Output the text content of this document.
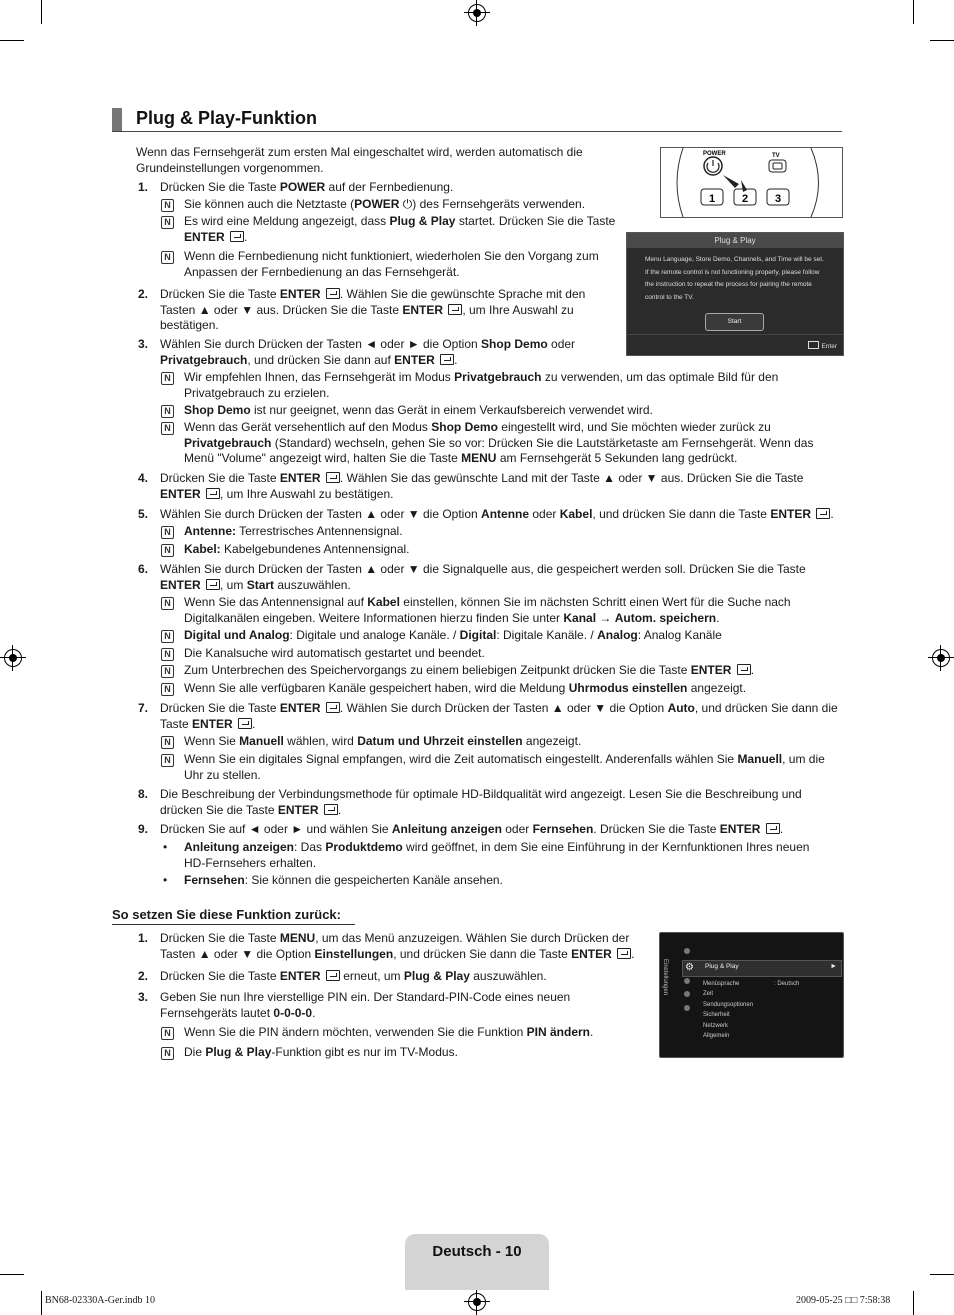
Plug & Play-Funktion
POWER	TV
1 2 3
Plug & Play
Menu Language, Store Demo, Channels, and Time will be set. If the remote control is not functioning properly, please follow the instruction to repeat the process for pairing the remote control to the TV.
Start
Enter
Einstellungen ⚙ Plug & Play	►
Menüsprache	: Deutsch
Zeit
Sendungsoptionen
Sicherheit
Netzwerk
Allgemein
Wenn das Fernsehgerät zum ersten Mal eingeschaltet wird, werden automatisch die Grundeinstellungen vorgenommen.
1. Drücken Sie die Taste POWER auf der Fernbedienung.
N Sie können auch die Netztaste (POWER ⏻) des Fernsehgeräts verwenden.
N Es wird eine Meldung angezeigt, dass Plug & Play startet. Drücken Sie die Taste ENTER .
N Wenn die Fernbedienung nicht funktioniert, wiederholen Sie den Vorgang zum Anpassen der Fernbedienung an das Fernsehgerät.
2. Drücken Sie die Taste ENTER . Wählen Sie die gewünschte Sprache mit den Tasten ▲ oder ▼ aus. Drücken Sie die Taste ENTER , um Ihre Auswahl zu bestätigen.
3. Wählen Sie durch Drücken der Tasten ◄ oder ► die Option Shop Demo oder Privatgebrauch, und drücken Sie dann auf ENTER .
N Wir empfehlen Ihnen, das Fernsehgerät im Modus Privatgebrauch zu verwenden, um das optimale Bild für den Privatgebrauch zu erzielen.
N Shop Demo ist nur geeignet, wenn das Gerät in einem Verkaufsbereich verwendet wird.
N Wenn das Gerät versehentlich auf den Modus Shop Demo eingestellt wird, und Sie möchten wieder zurück zu Privatgebrauch (Standard) wechseln, gehen Sie so vor: Drücken Sie die Lautstärketaste am Fernsehgerät. Wenn das Menü "Volume" angezeigt wird, halten Sie die Taste MENU am Fernsehgerät 5 Sekunden lang gedrückt.
4. Drücken Sie die Taste ENTER . Wählen Sie das gewünschte Land mit der Taste ▲ oder ▼ aus. Drücken Sie die Taste ENTER , um Ihre Auswahl zu bestätigen.
5. Wählen Sie durch Drücken der Tasten ▲ oder ▼ die Option Antenne oder Kabel, und drücken Sie dann die Taste ENTER .
N Antenne: Terrestrisches Antennensignal.
N Kabel: Kabelgebundenes Antennensignal.
6. Wählen Sie durch Drücken der Tasten ▲ oder ▼ die Signalquelle aus, die gespeichert werden soll. Drücken Sie die Taste ENTER , um Start auszuwählen.
N Wenn Sie das Antennensignal auf Kabel einstellen, können Sie im nächsten Schritt einen Wert für die Suche nach Digitalkanälen eingeben. Weitere Informationen hierzu finden Sie unter Kanal → Autom. speichern.
N Digital und Analog: Digitale und analoge Kanäle. / Digital: Digitale Kanäle. / Analog: Analog Kanäle
N Die Kanalsuche wird automatisch gestartet und beendet.
N Zum Unterbrechen des Speichervorgangs zu einem beliebigen Zeitpunkt drücken Sie die Taste ENTER .
N Wenn Sie alle verfügbaren Kanäle gespeichert haben, wird die Meldung Uhrmodus einstellen angezeigt.
7. Drücken Sie die Taste ENTER . Wählen Sie durch Drücken der Tasten ▲ oder ▼ die Option Auto, und drücken Sie dann die Taste ENTER .
N Wenn Sie Manuell wählen, wird Datum und Uhrzeit einstellen angezeigt.
N Wenn Sie ein digitales Signal empfangen, wird die Zeit automatisch eingestellt. Anderenfalls wählen Sie Manuell, um die Uhr zu stellen.
8. Die Beschreibung der Verbindungsmethode für optimale HD-Bildqualität wird angezeigt. Lesen Sie die Beschreibung und drücken Sie die Taste ENTER .
9. Drücken Sie auf ◄ oder ► und wählen Sie Anleitung anzeigen oder Fernsehen. Drücken Sie die Taste ENTER .
• Anleitung anzeigen: Das Produktdemo wird geöffnet, in dem Sie eine Einführung in der Kernfunktionen Ihres neuen HD-Fernsehers erhalten.
• Fernsehen: Sie können die gespeicherten Kanäle ansehen.
So setzen Sie diese Funktion zurück:
1. Drücken Sie die Taste MENU, um das Menü anzuzeigen. Wählen Sie durch Drücken der Tasten ▲ oder ▼ die Option Einstellungen, und drücken Sie dann die Taste ENTER .
2. Drücken Sie die Taste ENTER  erneut, um Plug & Play auszuwählen.
3. Geben Sie nun Ihre vierstellige PIN ein. Der Standard-PIN-Code eines neuen Fernsehgeräts lautet 0-0-0-0.
N Wenn Sie die PIN ändern möchten, verwenden Sie die Funktion PIN ändern.
N Die Plug & Play-Funktion gibt es nur im TV-Modus.
Deutsch - 10
BN68-02330A-Ger.indb 10	2009-05-25 □□ 7:58:38
